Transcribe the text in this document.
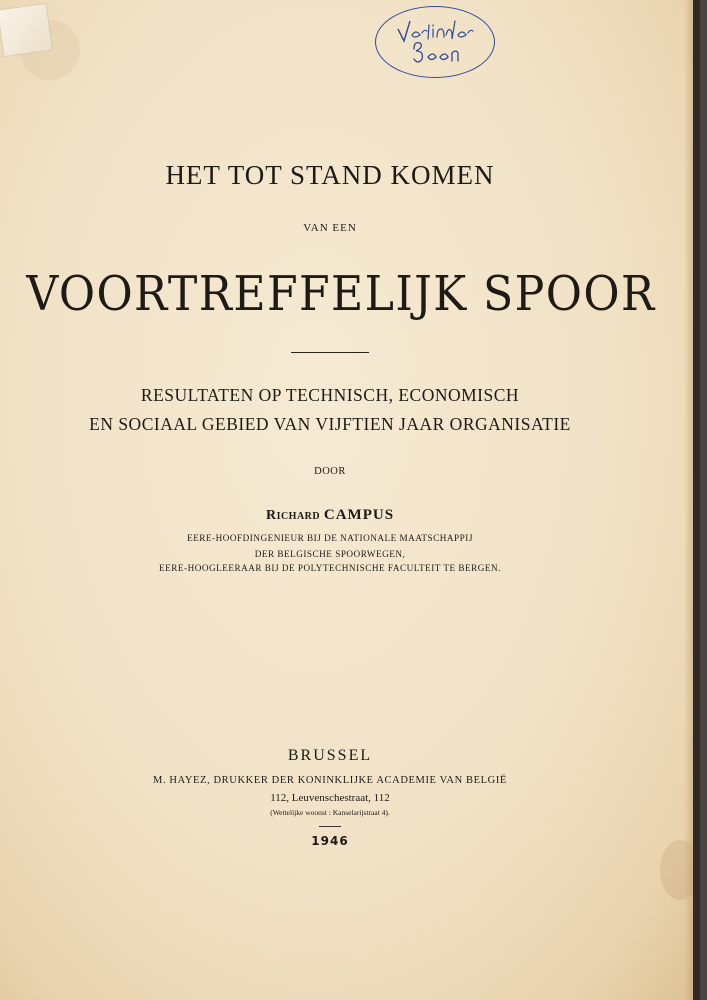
HET TOT STAND KOMEN
VAN EEN
VOORTREFFELIJK SPOOR
RESULTATEN OP TECHNISCH, ECONOMISCH
EN SOCIAAL GEBIED VAN VIJFTIEN JAAR ORGANISATIE
DOOR
Richard CAMPUS
EERE-HOOFDINGENIEUR BIJ DE NATIONALE MAATSCHAPPIJ
DER BELGISCHE SPOORWEGEN,
EERE-HOOGLEERAAR BIJ DE POLYTECHNISCHE FACULTEIT TE BERGEN.
BRUSSEL
M. HAYEZ, DRUKKER DER KONINKLIJKE ACADEMIE VAN BELGIË
112, Leuvenschestraat, 112
(Wettelijke woonst : Kanselarijstraat 4).
1946
